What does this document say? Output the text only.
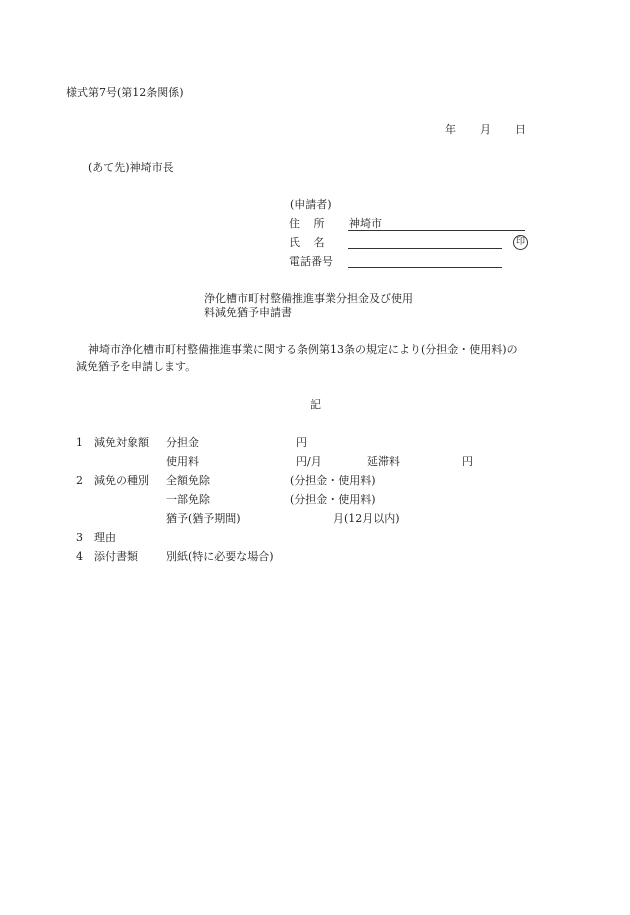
様式第7号(第12条関係)
年 月 日
(あて先)神埼市長
(申請者)
住 所 神埼市
氏 名	印
電話番号
浄化槽市町村整備推進事業分担金及び使用
料減免猶予申請書
神埼市浄化槽市町村整備推進事業に関する条例第13条の規定により(分担金・使用料)の
減免猶予を申請します。
記
1 減免対象額 分担金	円
使用料	円/月	延滞料	円
2 減免の種別 全額免除	(分担金・使用料)
一部免除	(分担金・使用料)
猶予(猶予期間)	月(12月以内)
3 理由
4 添付書類	別紙(特に必要な場合)
